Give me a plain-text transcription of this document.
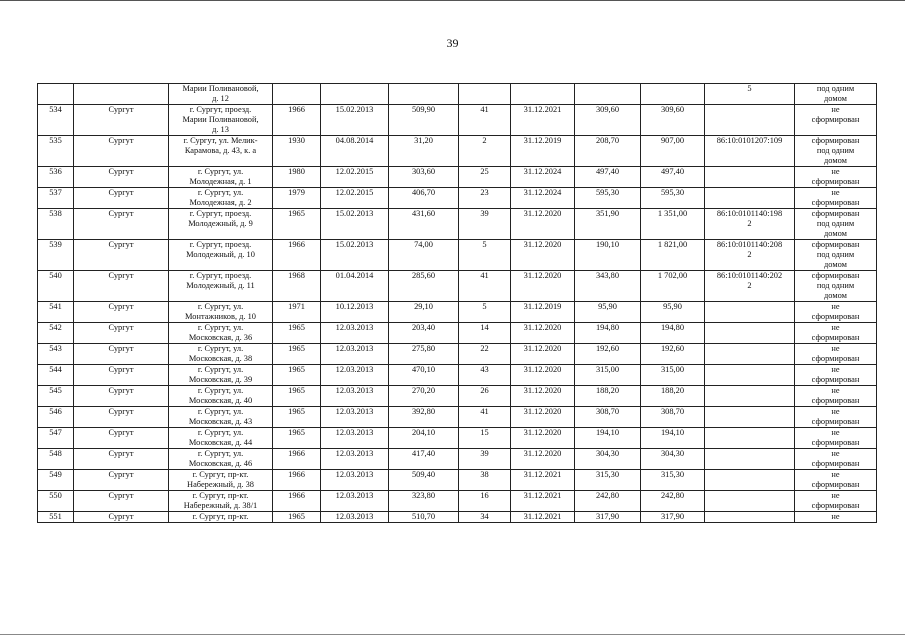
39
		Марии Поливановой,
д. 12								5	под одним
домом
534	Сургут	г. Сургут, проезд.
Марии Поливановой,
д. 13	1966	15.02.2013	509,90	41	31.12.2021	309,60	309,60		не
сформирован
535	Сургут	г. Сургут, ул. Мелик-
Карамова, д. 43, к. а	1930	04.08.2014	31,20	2	31.12.2019	208,70	907,00	86:10:0101207:109	сформирован
под одним
домом
536	Сургут	г. Сургут, ул.
Молодежная, д. 1	1980	12.02.2015	303,60	25	31.12.2024	497,40	497,40		не
сформирован
537	Сургут	г. Сургут, ул.
Молодежная, д. 2	1979	12.02.2015	406,70	23	31.12.2024	595,30	595,30		не
сформирован
538	Сургут	г. Сургут, проезд.
Молодежный, д. 9	1965	15.02.2013	431,60	39	31.12.2020	351,90	1 351,00	86:10:0101140:198
2	сформирован
под одним
домом
539	Сургут	г. Сургут, проезд.
Молодежный, д. 10	1966	15.02.2013	74,00	5	31.12.2020	190,10	1 821,00	86:10:0101140:208
2	сформирован
под одним
домом
540	Сургут	г. Сургут, проезд.
Молодежный, д. 11	1968	01.04.2014	285,60	41	31.12.2020	343,80	1 702,00	86:10:0101140:202
2	сформирован
под одним
домом
541	Сургут	г. Сургут, ул.
Монтажников, д. 10	1971	10.12.2013	29,10	5	31.12.2019	95,90	95,90		не
сформирован
542	Сургут	г. Сургут, ул.
Московская, д. 36	1965	12.03.2013	203,40	14	31.12.2020	194,80	194,80		не
сформирован
543	Сургут	г. Сургут, ул.
Московская, д. 38	1965	12.03.2013	275,80	22	31.12.2020	192,60	192,60		не
сформирован
544	Сургут	г. Сургут, ул.
Московская, д. 39	1965	12.03.2013	470,10	43	31.12.2020	315,00	315,00		не
сформирован
545	Сургут	г. Сургут, ул.
Московская, д. 40	1965	12.03.2013	270,20	26	31.12.2020	188,20	188,20		не
сформирован
546	Сургут	г. Сургут, ул.
Московская, д. 43	1965	12.03.2013	392,80	41	31.12.2020	308,70	308,70		не
сформирован
547	Сургут	г. Сургут, ул.
Московская, д. 44	1965	12.03.2013	204,10	15	31.12.2020	194,10	194,10		не
сформирован
548	Сургут	г. Сургут, ул.
Московская, д. 46	1966	12.03.2013	417,40	39	31.12.2020	304,30	304,30		не
сформирован
549	Сургут	г. Сургут, пр-кт.
Набережный, д. 38	1966	12.03.2013	509,40	38	31.12.2021	315,30	315,30		не
сформирован
550	Сургут	г. Сургут, пр-кт.
Набережный, д. 38/1	1966	12.03.2013	323,80	16	31.12.2021	242,80	242,80		не
сформирован
551	Сургут	г. Сургут, пр-кт.	1965	12.03.2013	510,70	34	31.12.2021	317,90	317,90		не
